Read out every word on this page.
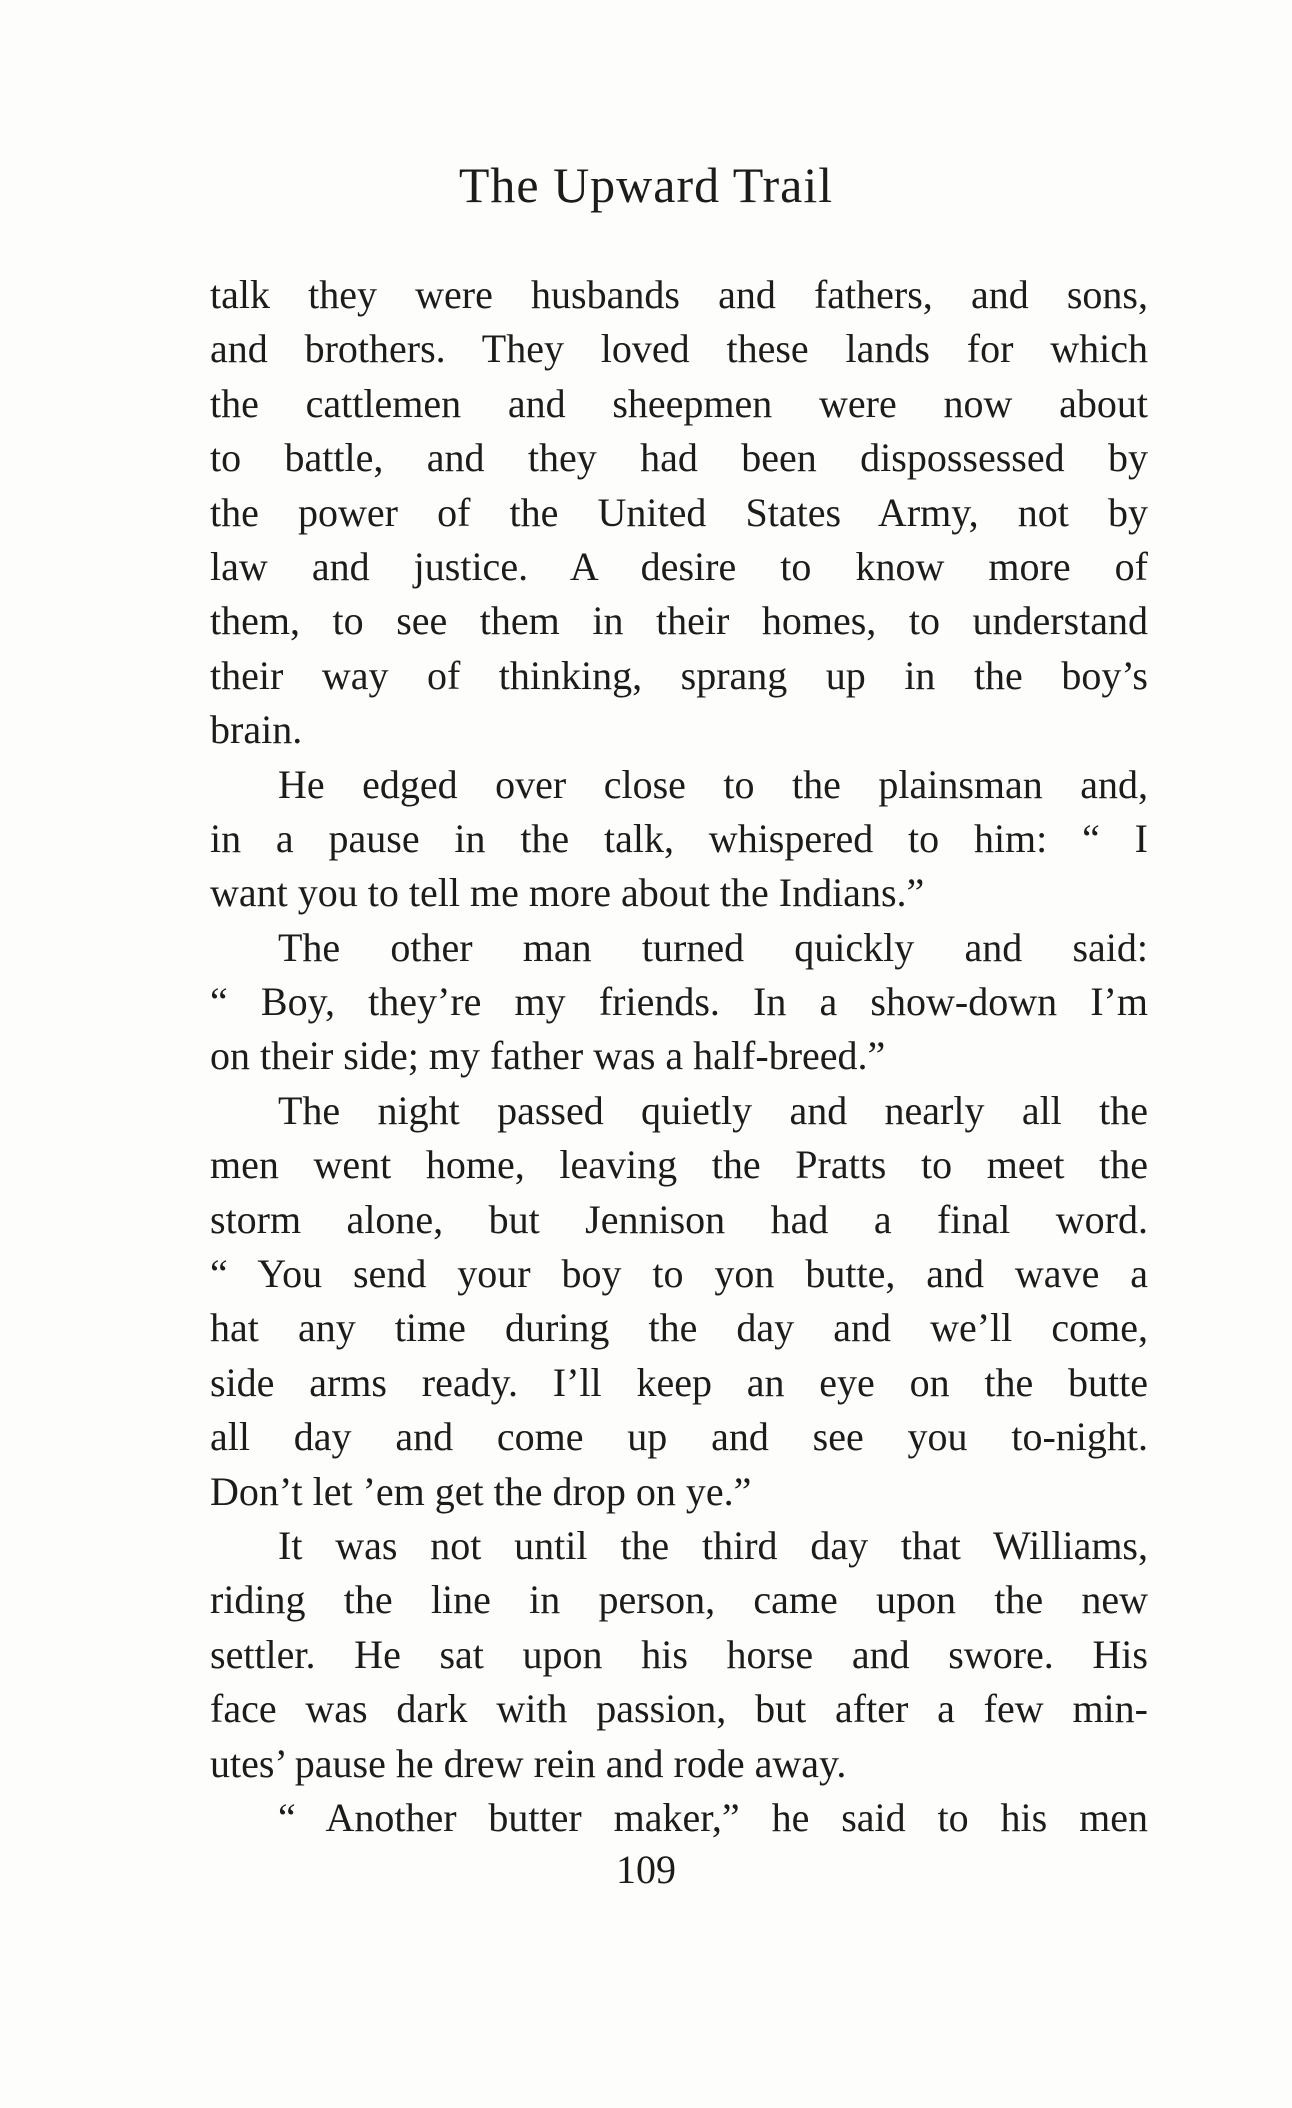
The Upward Trail
talk they were husbands and fathers, and sons,
and brothers. They loved these lands for which
the cattlemen and sheepmen were now about
to battle, and they had been dispossessed by
the power of the United States Army, not by
law and justice. A desire to know more of
them, to see them in their homes, to understand
their way of thinking, sprang up in the boy’s
brain.
He edged over close to the plainsman and,
in a pause in the talk, whispered to him: “ I
want you to tell me more about the Indians.”
The other man turned quickly and said:
“ Boy, they’re my friends. In a show-down I’m
on their side; my father was a half-breed.”
The night passed quietly and nearly all the
men went home, leaving the Pratts to meet the
storm alone, but Jennison had a final word.
“ You send your boy to yon butte, and wave a
hat any time during the day and we’ll come,
side arms ready. I’ll keep an eye on the butte
all day and come up and see you to-night.
Don’t let ’em get the drop on ye.”
It was not until the third day that Williams,
riding the line in person, came upon the new
settler. He sat upon his horse and swore. His
face was dark with passion, but after a few min-
utes’ pause he drew rein and rode away.
“ Another butter maker,” he said to his men
109
